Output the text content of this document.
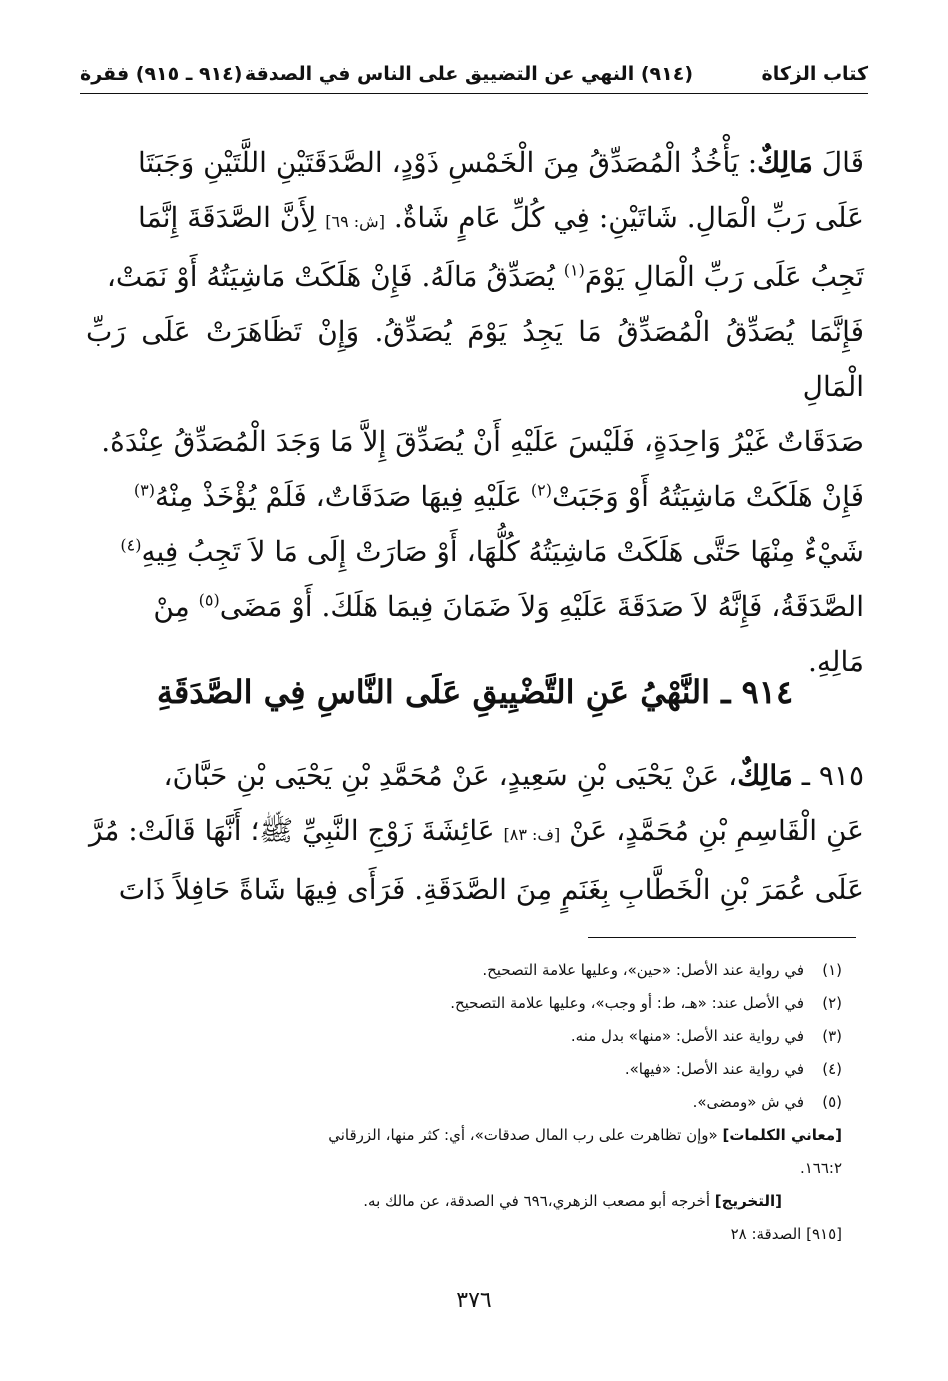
كتاب الزكاة
(٩١٤) النهي عن التضييق على الناس في الصدقة
(٩١٤ ـ ٩١٥) فقرة

قَالَ مَالِكٌ: يَأْخُذُ الْمُصَدِّقُ مِنَ الْخَمْسِ ذَوْدٍ، الصَّدَقَتَيْنِ اللَّتَيْنِ وَجَبَتَا

عَلَى رَبِّ الْمَالِ. شَاتَيْنِ: فِي كُلِّ عَامٍ شَاةٌ. [ش: ٦٩] لِأَنَّ الصَّدَقَةَ إِنَّمَا

تَجِبُ عَلَى رَبِّ الْمَالِ يَوْمَ$^{(١)}$ يُصَدِّقُ مَالَهُ. فَإِنْ هَلَكَتْ مَاشِيَتُهُ أَوْ نَمَتْ،

فَإِنَّمَا يُصَدِّقُ الْمُصَدِّقُ مَا يَجِدُ يَوْمَ يُصَدِّقُ. وَإِنْ تَظَاهَرَتْ عَلَى رَبِّ الْمَالِ

صَدَقَاتٌ غَيْرُ وَاحِدَةٍ، فَلَيْسَ عَلَيْهِ أَنْ يُصَدِّقَ إِلاَّ مَا وَجَدَ الْمُصَدِّقُ عِنْدَهُ.

فَإِنْ هَلَكَتْ مَاشِيَتُهُ أَوْ وَجَبَتْ$^{(٢)}$ عَلَيْهِ فِيهَا صَدَقَاتٌ، فَلَمْ يُؤْخَذْ مِنْهُ$^{(٣)}$

شَيْءٌ مِنْهَا حَتَّى هَلَكَتْ مَاشِيَتُهُ كُلُّهَا، أَوْ صَارَتْ إِلَى مَا لاَ تَجِبُ فِيهِ$^{(٤)}$

الصَّدَقَةُ، فَإِنَّهُ لاَ صَدَقَةَ عَلَيْهِ وَلاَ ضَمَانَ فِيمَا هَلَكَ. أَوْ مَضَى$^{(٥)}$ مِنْ

مَالِهِ.

٩١٤ ـ النَّهْيُ عَنِ التَّضْيِيقِ عَلَى النَّاسِ فِي الصَّدَقَةِ

٩١٥ ـ مَالِكٌ، عَنْ يَحْيَى بْنِ سَعِيدٍ، عَنْ مُحَمَّدِ بْنِ يَحْيَى بْنِ حَبَّانَ،

عَنِ الْقَاسِمِ بْنِ مُحَمَّدٍ، عَنْ [ف: ٨٣] عَائِشَةَ زَوْجِ النَّبِيِّ ﷺ؛ أَنَّهَا قَالَتْ: مُرَّ

عَلَى عُمَرَ بْنِ الْخَطَّابِ بِغَنَمٍ مِنَ الصَّدَقَةِ. فَرَأَى فِيهَا شَاةً حَافِلاً ذَاتَ

(١)في رواية عند الأصل: «حين»، وعليها علامة التصحيح.

(٢)في الأصل عند: «هـ، ط: أو وجب»، وعليها علامة التصحيح.

(٣)في رواية عند الأصل: «منها» بدل منه.

(٤)في رواية عند الأصل: «فيها».

(٥)في ش «ومضى».

[معاني الكلمات] «وإن تظاهرت على رب المال صدقات»، أي: كثر منها، الزرقاني

١٦٦:٢.

[التخريج] أخرجه أبو مصعب الزهري،٦٩٦ في الصدقة، عن مالك به.

[٩١٥] الصدقة: ٢٨

٣٧٦
